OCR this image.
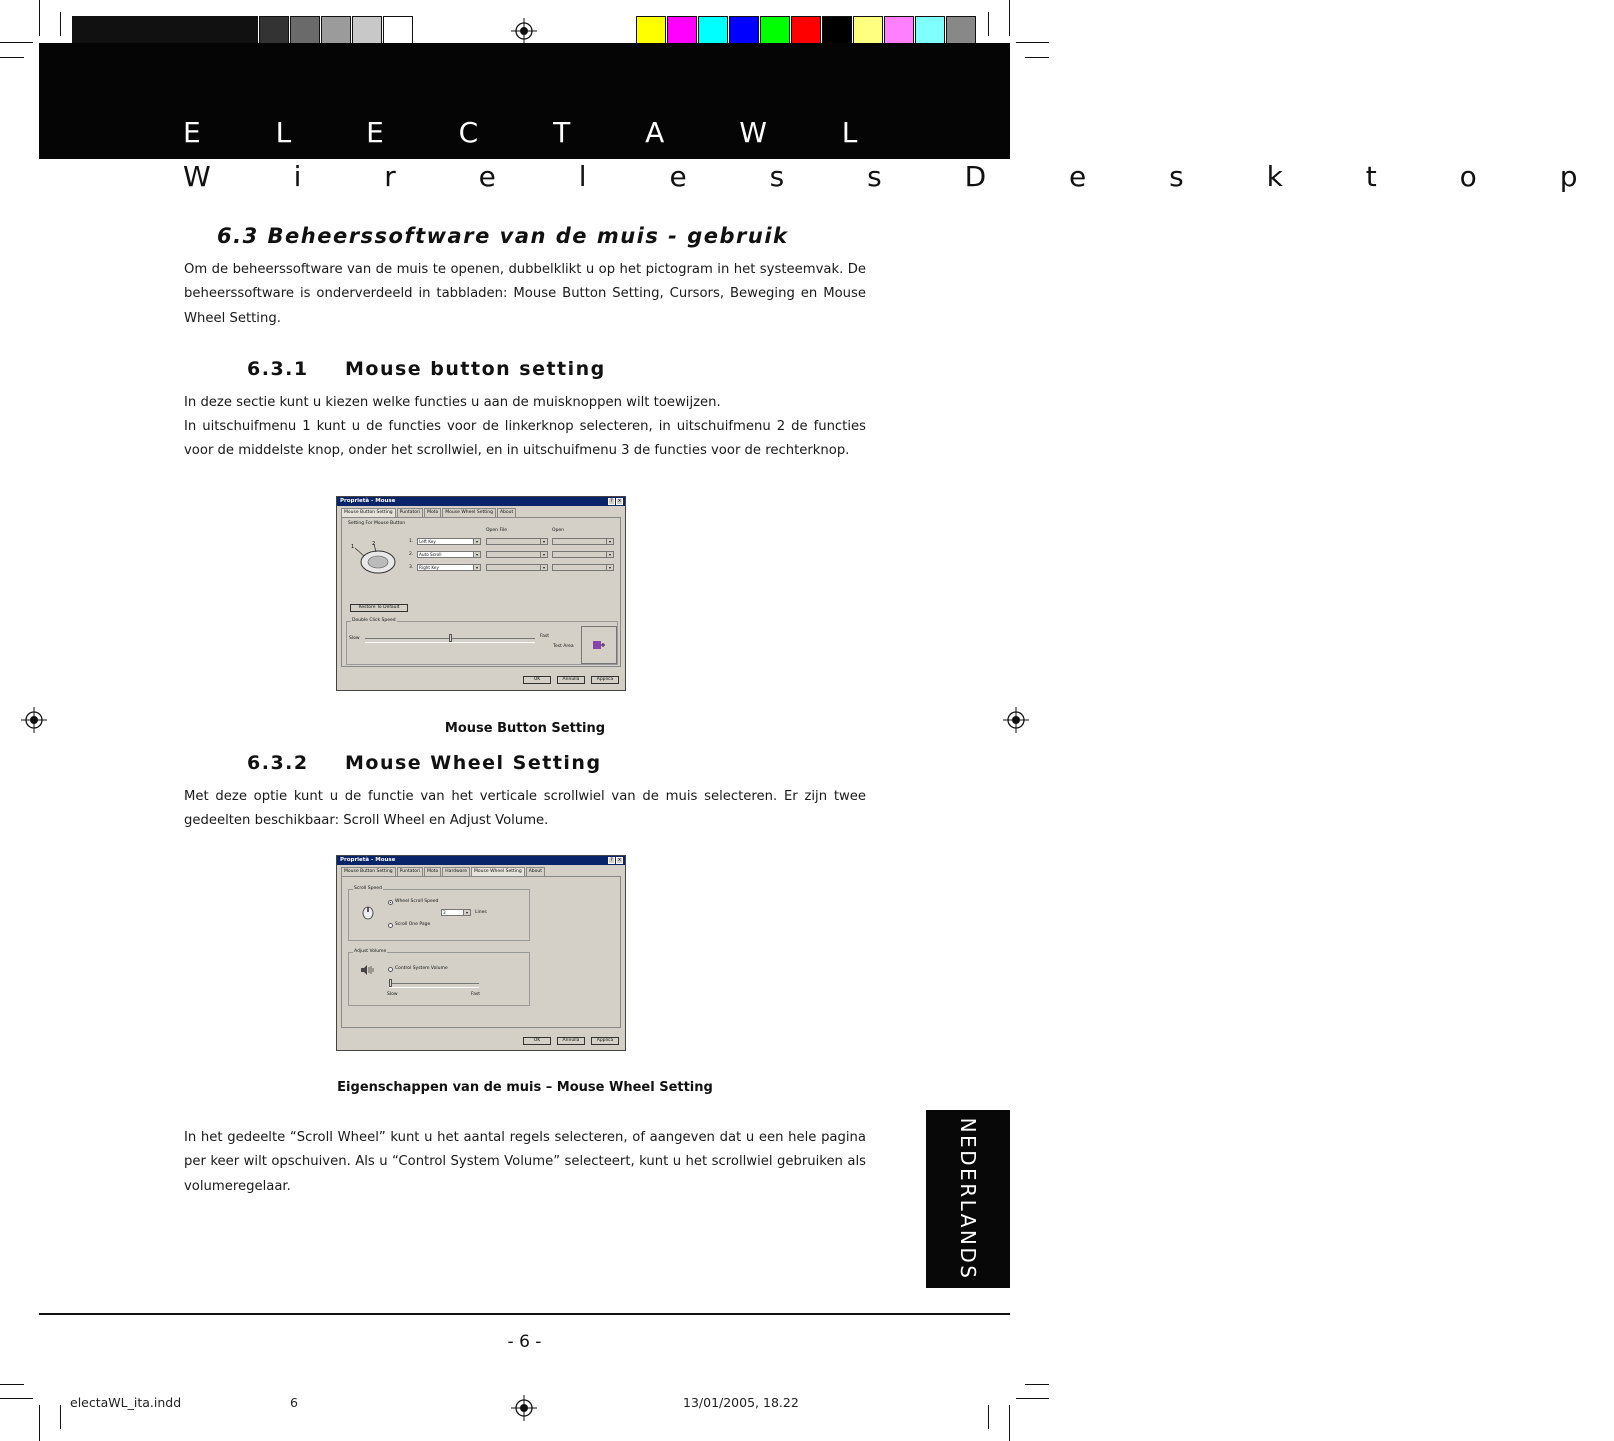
E L E C T A W L
W i r e l e s s D e s k t o p
6.3 Beheerssoftware van de muis - gebruik
Om de beheerssoftware van de muis te openen, dubbelklikt u op het pictogram in het systeemvak. De beheerssoftware is onderverdeeld in tabbladen: Mouse Button Setting, Cursors, Beweging en Mouse Wheel Setting.
6.3.1 Mouse button setting
In deze sectie kunt u kiezen welke functies u aan de muisknoppen wilt toewijzen.
In uitschuifmenu 1 kunt u de functies voor de linkerknop selecteren, in uitschuifmenu 2 de functies voor de middelste knop, onder het scrollwiel, en in uitschuifmenu 3 de functies voor de rechterknop.
Proprietà - Mouse	? ×
Mouse Button Setting	Puntatori	Moto	Mouse Wheel Setting	About
Setting For Mouse Button
Open File	Open
1	2	1.	Left Key ▾
▾
▾
2.	Auto Scroll ▾
▾
▾
3.	Right Key ▾
▾
▾
Restore To Default
Double Click Speed
Slow	Fast
Test Area
OK	Annulla	Applica
Mouse Button Setting
6.3.2 Mouse Wheel Setting
Met deze optie kunt u de functie van het verticale scrollwiel van de muis selecteren. Er zijn twee gedeelten beschikbaar: Scroll Wheel en Adjust Volume.
Proprietà - Mouse	? ×
Mouse Button Setting	Puntatori	Moto	Hardware	Mouse Wheel Setting	About
Scroll Speed
Wheel Scroll Speed
3 ▾	Lines
Scroll One Page
Adjust Volume
Control System Volume
Slow	Fast
OK	Annulla	Applica
Eigenschappen van de muis – Mouse Wheel Setting
In het gedeelte “Scroll Wheel” kunt u het aantal regels selecteren, of aangeven dat u een hele pagina per keer wilt opschuiven. Als u “Control System Volume” selecteert, kunt u het scrollwiel gebruiken als volumeregelaar.	NEDERLANDS
- 6 -
electaWL_ita.indd	6	13/01/2005, 18.22
